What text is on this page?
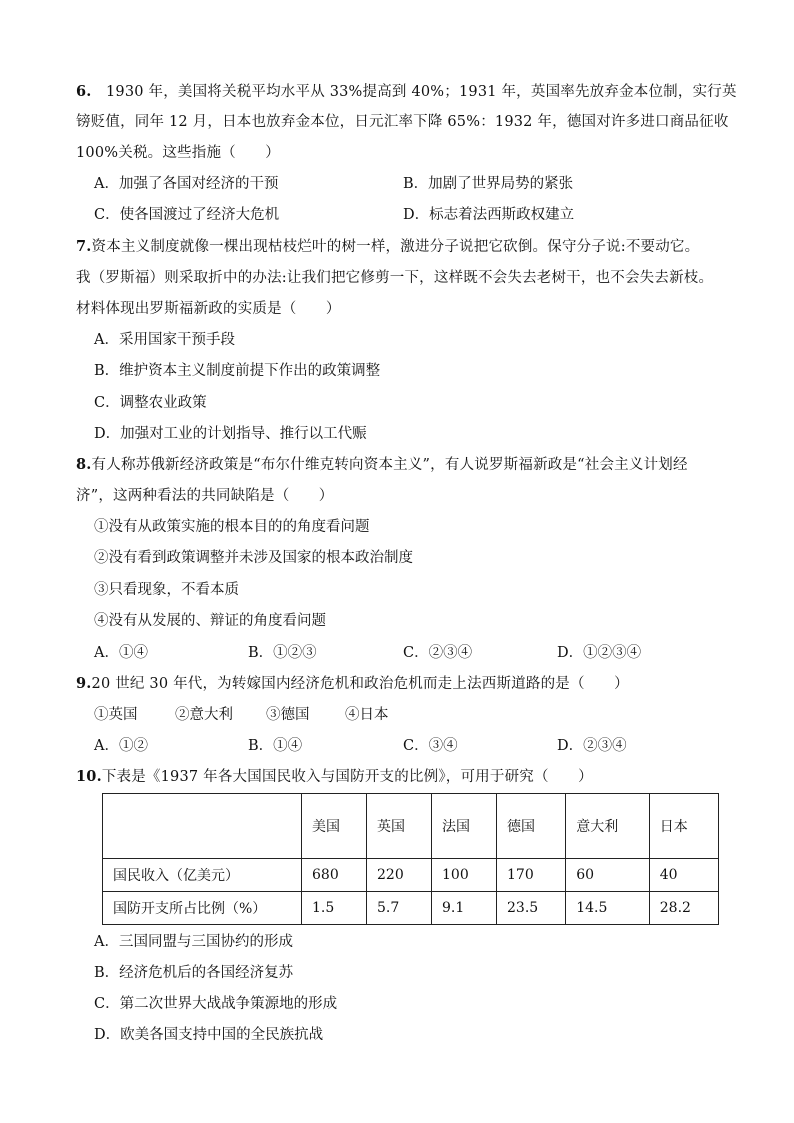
6. 1930 年，美国将关税平均水平从 33%提高到 40%；1931 年，英国率先放弃金本位制，实行英
镑贬值，同年 12 月，日本也放弃金本位，日元汇率下降 65%：1932 年，德国对许多进口商品征收
100%关税。这些指施（　　）
A．加强了各国对经济的干预	B．加剧了世界局势的紧张
C．使各国渡过了经济大危机	D．标志着法西斯政权建立
7.资本主义制度就像一棵出现枯枝烂叶的树一样，激进分子说把它砍倒。保守分子说:不要动它。
我（罗斯福）则采取折中的办法:让我们把它修剪一下，这样既不会失去老树干，也不会失去新枝。
材料体现出罗斯福新政的实质是（　　）
A．采用国家干预手段
B．维护资本主义制度前提下作出的政策调整
C．调整农业政策
D．加强对工业的计划指导、推行以工代赈
8.有人称苏俄新经济政策是“布尔什维克转向资本主义”，有人说罗斯福新政是“社会主义计划经
济”，这两种看法的共同缺陷是（　　）
①没有从政策实施的根本目的的角度看问题
②没有看到政策调整并未涉及国家的根本政治制度
③只看现象，不看本质
④没有从发展的、辩证的角度看问题
A．①④	B．①②③	C．②③④	D．①②③④
9.20 世纪 30 年代，为转嫁国内经济危机和政治危机而走上法西斯道路的是（　　）
①英国	②意大利 ③德国 ④日本
A．①②	B．①④	C．③④	D．②③④
10.下表是《1937 年各大国国民收入与国防开支的比例》，可用于研究（　　）
	美国	英国	法国	德国	意大利	日本
国民收入（亿美元）	680	220	100	170	60	40
国防开支所占比例（%）	1.5	5.7	9.1	23.5	14.5	28.2
A．三国同盟与三国协约的形成
B．经济危机后的各国经济复苏
C．第二次世界大战战争策源地的形成
D．欧美各国支持中国的全民族抗战
